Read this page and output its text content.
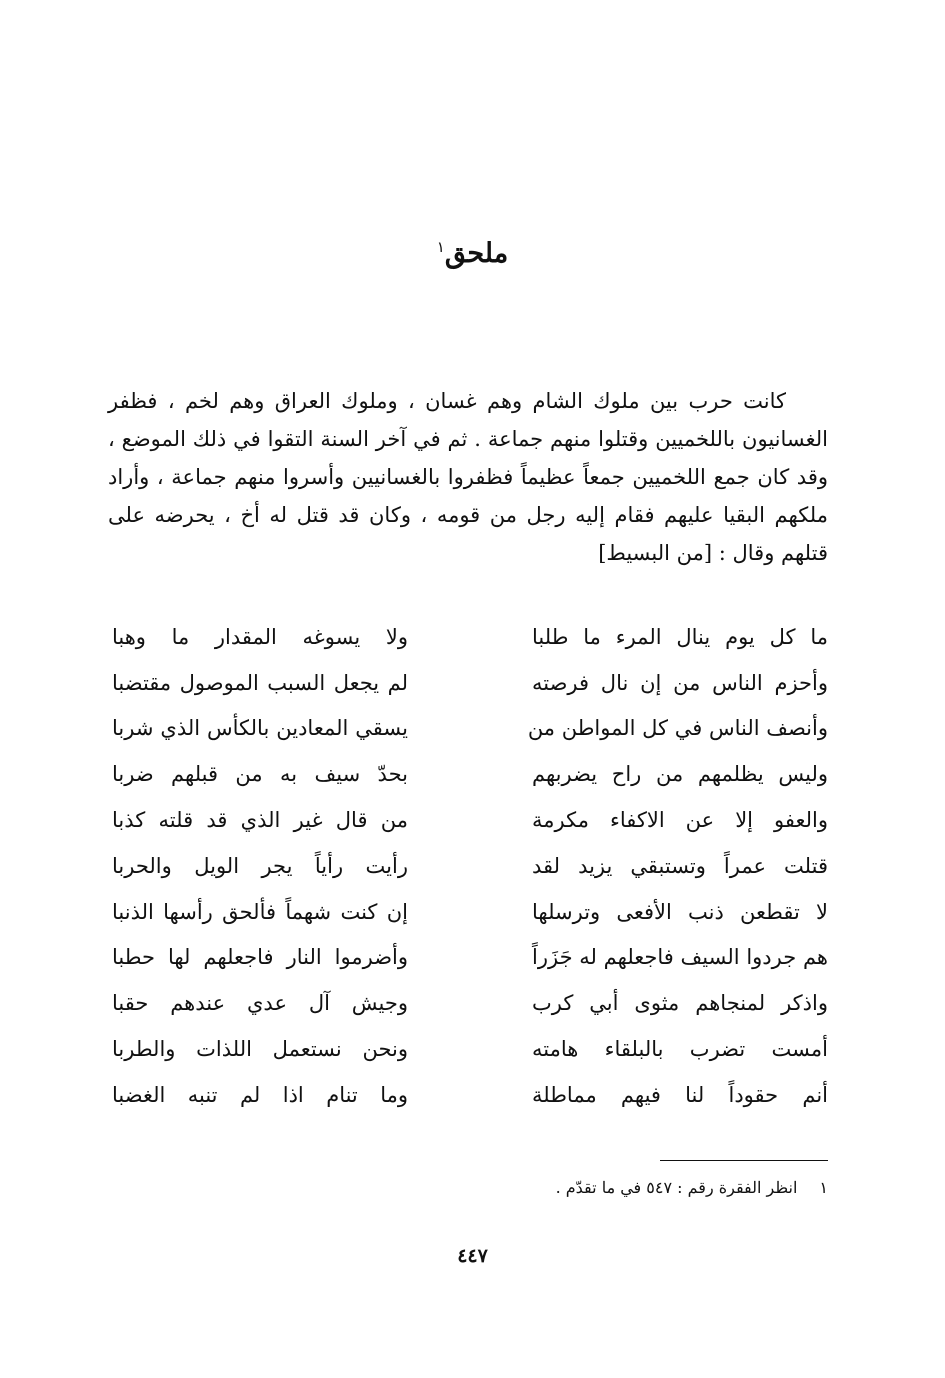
ملحق$^١$

كانت حرب بين ملوك الشام وهم غسان ، وملوك العراق وهم لخم ، فظفر الغسانيون باللخميين وقتلوا منهم جماعة . ثم في آخر السنة التقوا في ذلك الموضع ، وقد كان جمع اللخميين جمعاً عظيماً فظفروا بالغسانيين وأسروا منهم جماعة ، وأراد ملكهم البقيا عليهم فقام إليه رجل من قومه ، وكان قد قتل له أخ ، يحرضه على قتلهم وقال : [من البسيط]

ما كل يوم ينال المرء ما طلبا
ولا يسوغه المقدار ما وهبا
وأحزم الناس من إن نال فرصته
لم يجعل السبب الموصول مقتضبا
وأنصف الناس في كل المواطن من
يسقي المعادين بالكأس الذي شربا
وليس يظلمهم من راح يضربهم
بحدّ سيف به من قبلهم ضربا
والعفو إلا عن الاكفاء مكرمة
من قال غير الذي قد قلته كذبا
قتلت عمراً وتستبقي يزيد لقد
رأيت رأياً يجر الويل والحربا
لا تقطعن ذنب الأفعى وترسلها
إن كنت شهماً فألحق رأسها الذنبا
هم جردوا السيف فاجعلهم له جَزَراً
وأضرموا النار فاجعلهم لها حطبا
واذكر لمنجاهم مثوى أبي كرب
وجيش آل عدي عندهم حقبا
أمست تضرب بالبلقاء هامته
ونحن نستعمل اللذات والطربا
أنم حقوداً لنا فيهم مماطلة
وما تنام اذا لم تنبه الغضبا
١
انظر الفقرة رقم : ٥٤٧ في ما تقدّم .
٤٤٧
